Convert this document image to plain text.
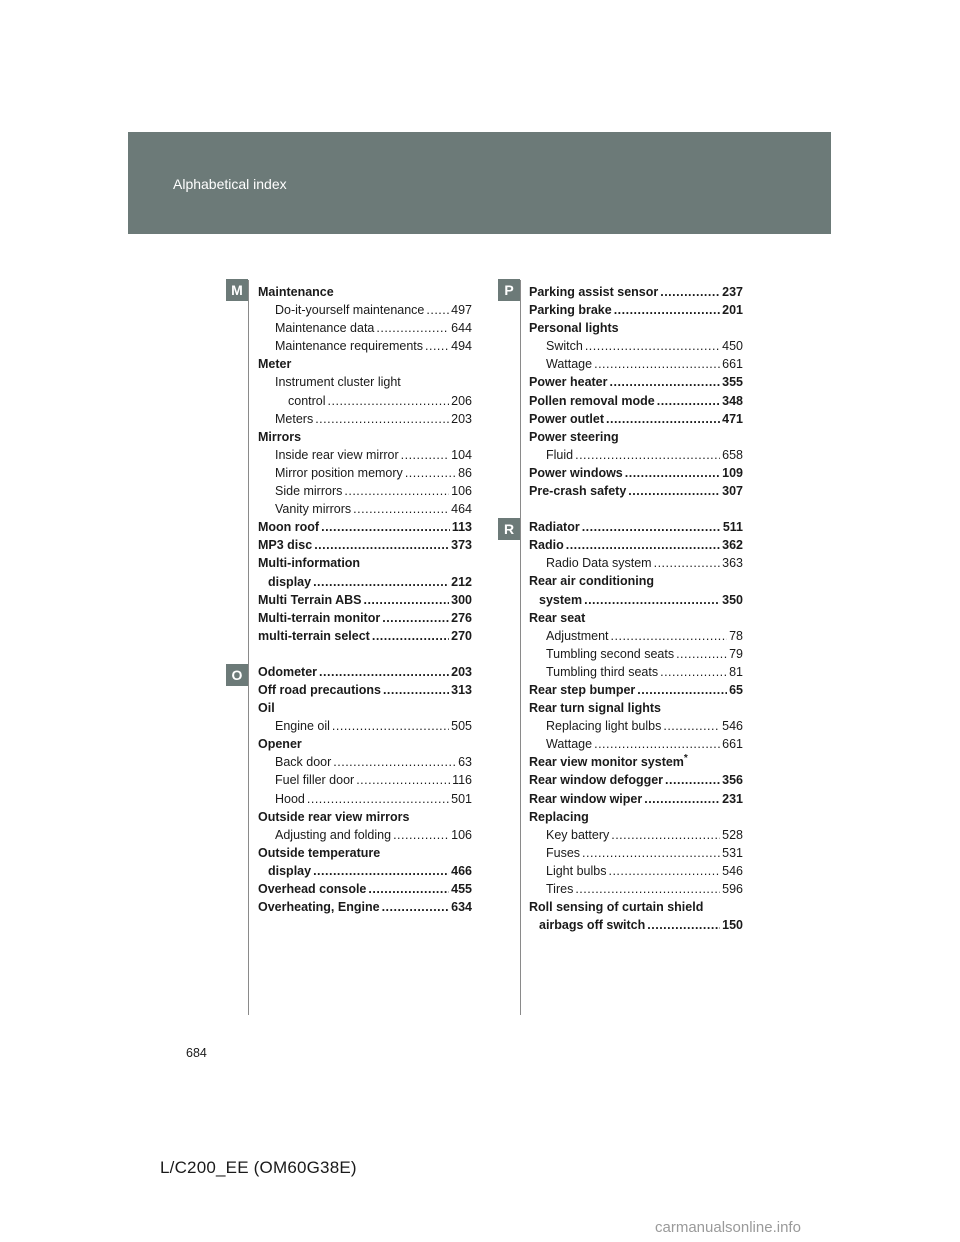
Alphabetical index
Maintenance
Do-it-yourself maintenance ..... 497
Maintenance data .....	644
Maintenance requirements ..... 494
Meter
Instrument cluster light
control .....	206
Meters .....	203
Mirrors
Inside rear view mirror .....	104
Mirror position memory .....	86
Side mirrors .....	106
Vanity mirrors .....	464
Moon roof .....	113
MP3 disc .....	373
Multi-information
display .....	212
Multi Terrain ABS .....	300
Multi-terrain monitor .....	276
multi-terrain select .....	270
Odometer .....	203
Off road precautions .....	313
Oil
Engine oil .....	505
Opener
Back door .....	63
Fuel filler door .....	116
Hood .....	501
Outside rear view mirrors
Adjusting and folding .....	106
Outside temperature
display .....	466
Overhead console .....	455
Overheating, Engine .....	634
Parking assist sensor .....	237
Parking brake .....	201
Personal lights
Switch .....	450
Wattage .....	661
Power heater .....	355
Pollen removal mode .....	348
Power outlet .....	471
Power steering
Fluid .....	658
Power windows .....	109
Pre-crash safety .....	307
Radiator .....	511
Radio .....	362
Radio Data system .....	363
Rear air conditioning
system .....	350
Rear seat
Adjustment .....	78
Tumbling second seats .....	79
Tumbling third seats .....	81
Rear step bumper .....	65
Rear turn signal lights
Replacing light bulbs .....	546
Wattage .....	661
Rear view monitor system*
Rear window defogger .....	356
Rear window wiper .....	231
Replacing
Key battery .....	528
Fuses .....	531
Light bulbs .....	546
Tires .....	596
Roll sensing of curtain shield
airbags off switch .....	150
684
L/C200_EE (OM60G38E)
carmanualsonline.info
M
O
P
R
